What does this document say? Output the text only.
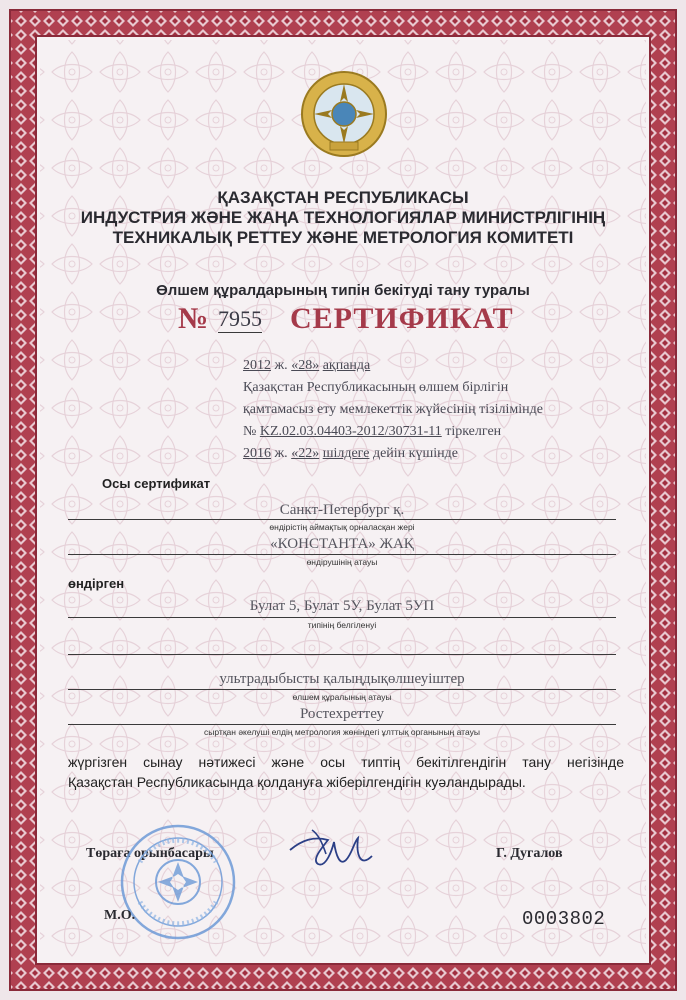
ҚАЗАҚСТАН РЕСПУБЛИКАСЫ
ИНДУСТРИЯ ЖӘНЕ ЖАҢА ТЕХНОЛОГИЯЛАР МИНИСТРЛІГІНІҢ
ТЕХНИКАЛЫҚ РЕТТЕУ ЖӘНЕ МЕТРОЛОГИЯ КОМИТЕТІ
Өлшем құралдарының типін бекітуді тану туралы
№ 7955 СЕРТИФИКАТ
2012 ж. «28» ақпанда
Қазақстан Республикасының өлшем бірлігін
қамтамасыз ету мемлекеттік жүйесінің тізілімінде
№ KZ.02.03.04403-2012/30731-11 тіркелген
2016 ж. «22» шілдеге дейін күшінде
Осы сертификат
Санкт-Петербург қ.
өндірістің аймақтық орналасқан жері
«КОНСТАНТА» ЖАҚ
өндірушінің атауы
өндірген
Булат 5, Булат 5У, Булат 5УП
типінің белгіленуі
ультрадыбысты қалыңдықөлшеуіштер
өлшем құралының атауы
Ростехреттеу
сыртқан әкелуші елдің метрология жөніндегі ұлттық органының атауы
жүргізген сынау нәтижесі және осы типтің бекітілгендігін тану негізінде
Қазақстан Республикасында қолдануға жіберілгендігін куәландырады.
Төраға орынбасары	Г. Дугалов
М.О.	0003802
